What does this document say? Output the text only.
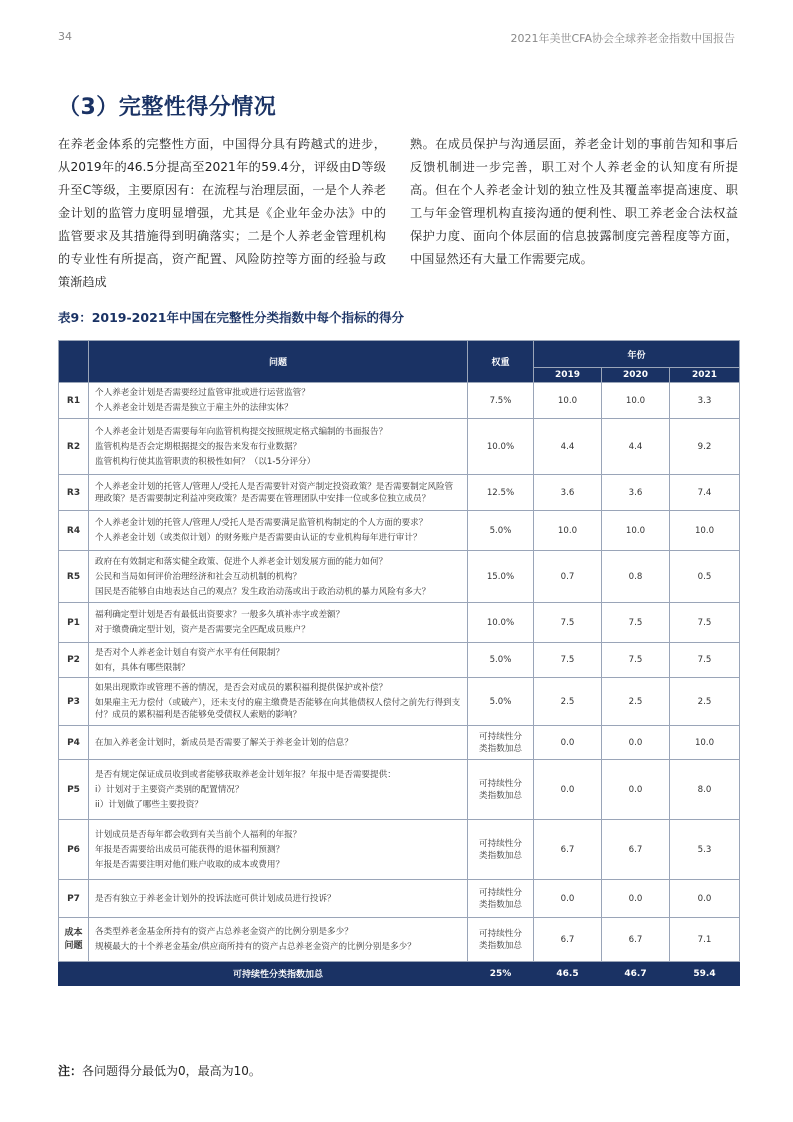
34	2021年美世CFA协会全球养老金指数中国报告
（3）完整性得分情况

在养老金体系的完整性方面，中国得分具有跨越式的进步，从2019年的46.5分提高至2021年的59.4分，评级由D等级升至C等级，主要原因有：在流程与治理层面，一是个人养老金计划的监管力度明显增强，尤其是《企业年金办法》中的监管要求及其措施得到明确落实；二是个人养老金管理机构的专业性有所提高，资产配置、风险防控等方面的经验与政策渐趋成

熟。在成员保护与沟通层面，养老金计划的事前告知和事后反馈机制进一步完善，职工对个人养老金的认知度有所提高。但在个人养老金计划的独立性及其覆盖率提高速度、职工与年金管理机构直接沟通的便利性、职工养老金合法权益保护力度、面向个体层面的信息披露制度完善程度等方面，中国显然还有大量工作需要完成。

表9：2019-2021年中国在完整性分类指数中每个指标的得分
	问题	权重	年份		
			2019	2020	2021
R1	个人养老金计划是否需要经过监管审批或进行运营监管？
个人养老金计划是否需是独立于雇主外的法律实体？	7.5%	10.0	10.0	3.3
R2	个人养老金计划是否需要每年向监管机构提交按照规定格式编制的书面报告？
监管机构是否会定期根据提交的报告来发布行业数据？
监管机构行使其监管职责的积极性如何？（以1-5分评分）	10.0%	4.4	4.4	9.2
R3	个人养老金计划的托管人/管理人/受托人是否需要针对资产制定投资政策？是否需要制定风险管理政策？是否需要制定利益冲突政策？是否需要在管理团队中安排一位或多位独立成员？	12.5%	3.6	3.6	7.4
R4	个人养老金计划的托管人/管理人/受托人是否需要满足监管机构制定的个人方面的要求？
个人养老金计划（或类似计划）的财务账户是否需要由认证的专业机构每年进行审计？	5.0%	10.0	10.0	10.0
R5	政府在有效制定和落实健全政策、促进个人养老金计划发展方面的能力如何？
公民和当局如何评价治理经济和社会互动机制的机构？
国民是否能够自由地表达自己的观点？发生政治动荡或出于政治动机的暴力风险有多大？	15.0%	0.7	0.8	0.5
P1	福利确定型计划是否有最低出资要求？一般多久填补赤字或差额？
对于缴费确定型计划，资产是否需要完全匹配成员账户？	10.0%	7.5	7.5	7.5
P2	是否对个人养老金计划自有资产水平有任何限制？
如有，具体有哪些限制？	5.0%	7.5	7.5	7.5
P3	如果出现欺诈或管理不善的情况，是否会对成员的累积福利提供保护或补偿？
如果雇主无力偿付（或破产），还未支付的雇主缴费是否能够在向其他债权人偿付之前先行得到支付？成员的累积福利是否能够免受债权人索赔的影响？	5.0%	2.5	2.5	2.5
P4	在加入养老金计划时，新成员是否需要了解关于养老金计划的信息？	可持续性分类指数加总	0.0	0.0	10.0
P5	是否有规定保证成员收到或者能够获取养老金计划年报？年报中是否需要提供：
i）计划对于主要资产类别的配置情况？
ii）计划做了哪些主要投资？	可持续性分类指数加总	0.0	0.0	8.0
P6	计划成员是否每年都会收到有关当前个人福利的年报？
年报是否需要给出成员可能获得的退休福利预测？
年报是否需要注明对他们账户收取的成本或费用？	可持续性分类指数加总	6.7	6.7	5.3
P7	是否有独立于养老金计划外的投诉法庭可供计划成员进行投诉？	可持续性分类指数加总	0.0	0.0	0.0
成本问题	各类型养老金基金所持有的资产占总养老金资产的比例分别是多少？
规模最大的十个养老金基金/供应商所持有的资产占总养老金资产的比例分别是多少？	可持续性分类指数加总	6.7	6.7	7.1
	可持续性分类指数加总	25%	46.5	46.7	59.4
注：各问题得分最低为0，最高为10。
